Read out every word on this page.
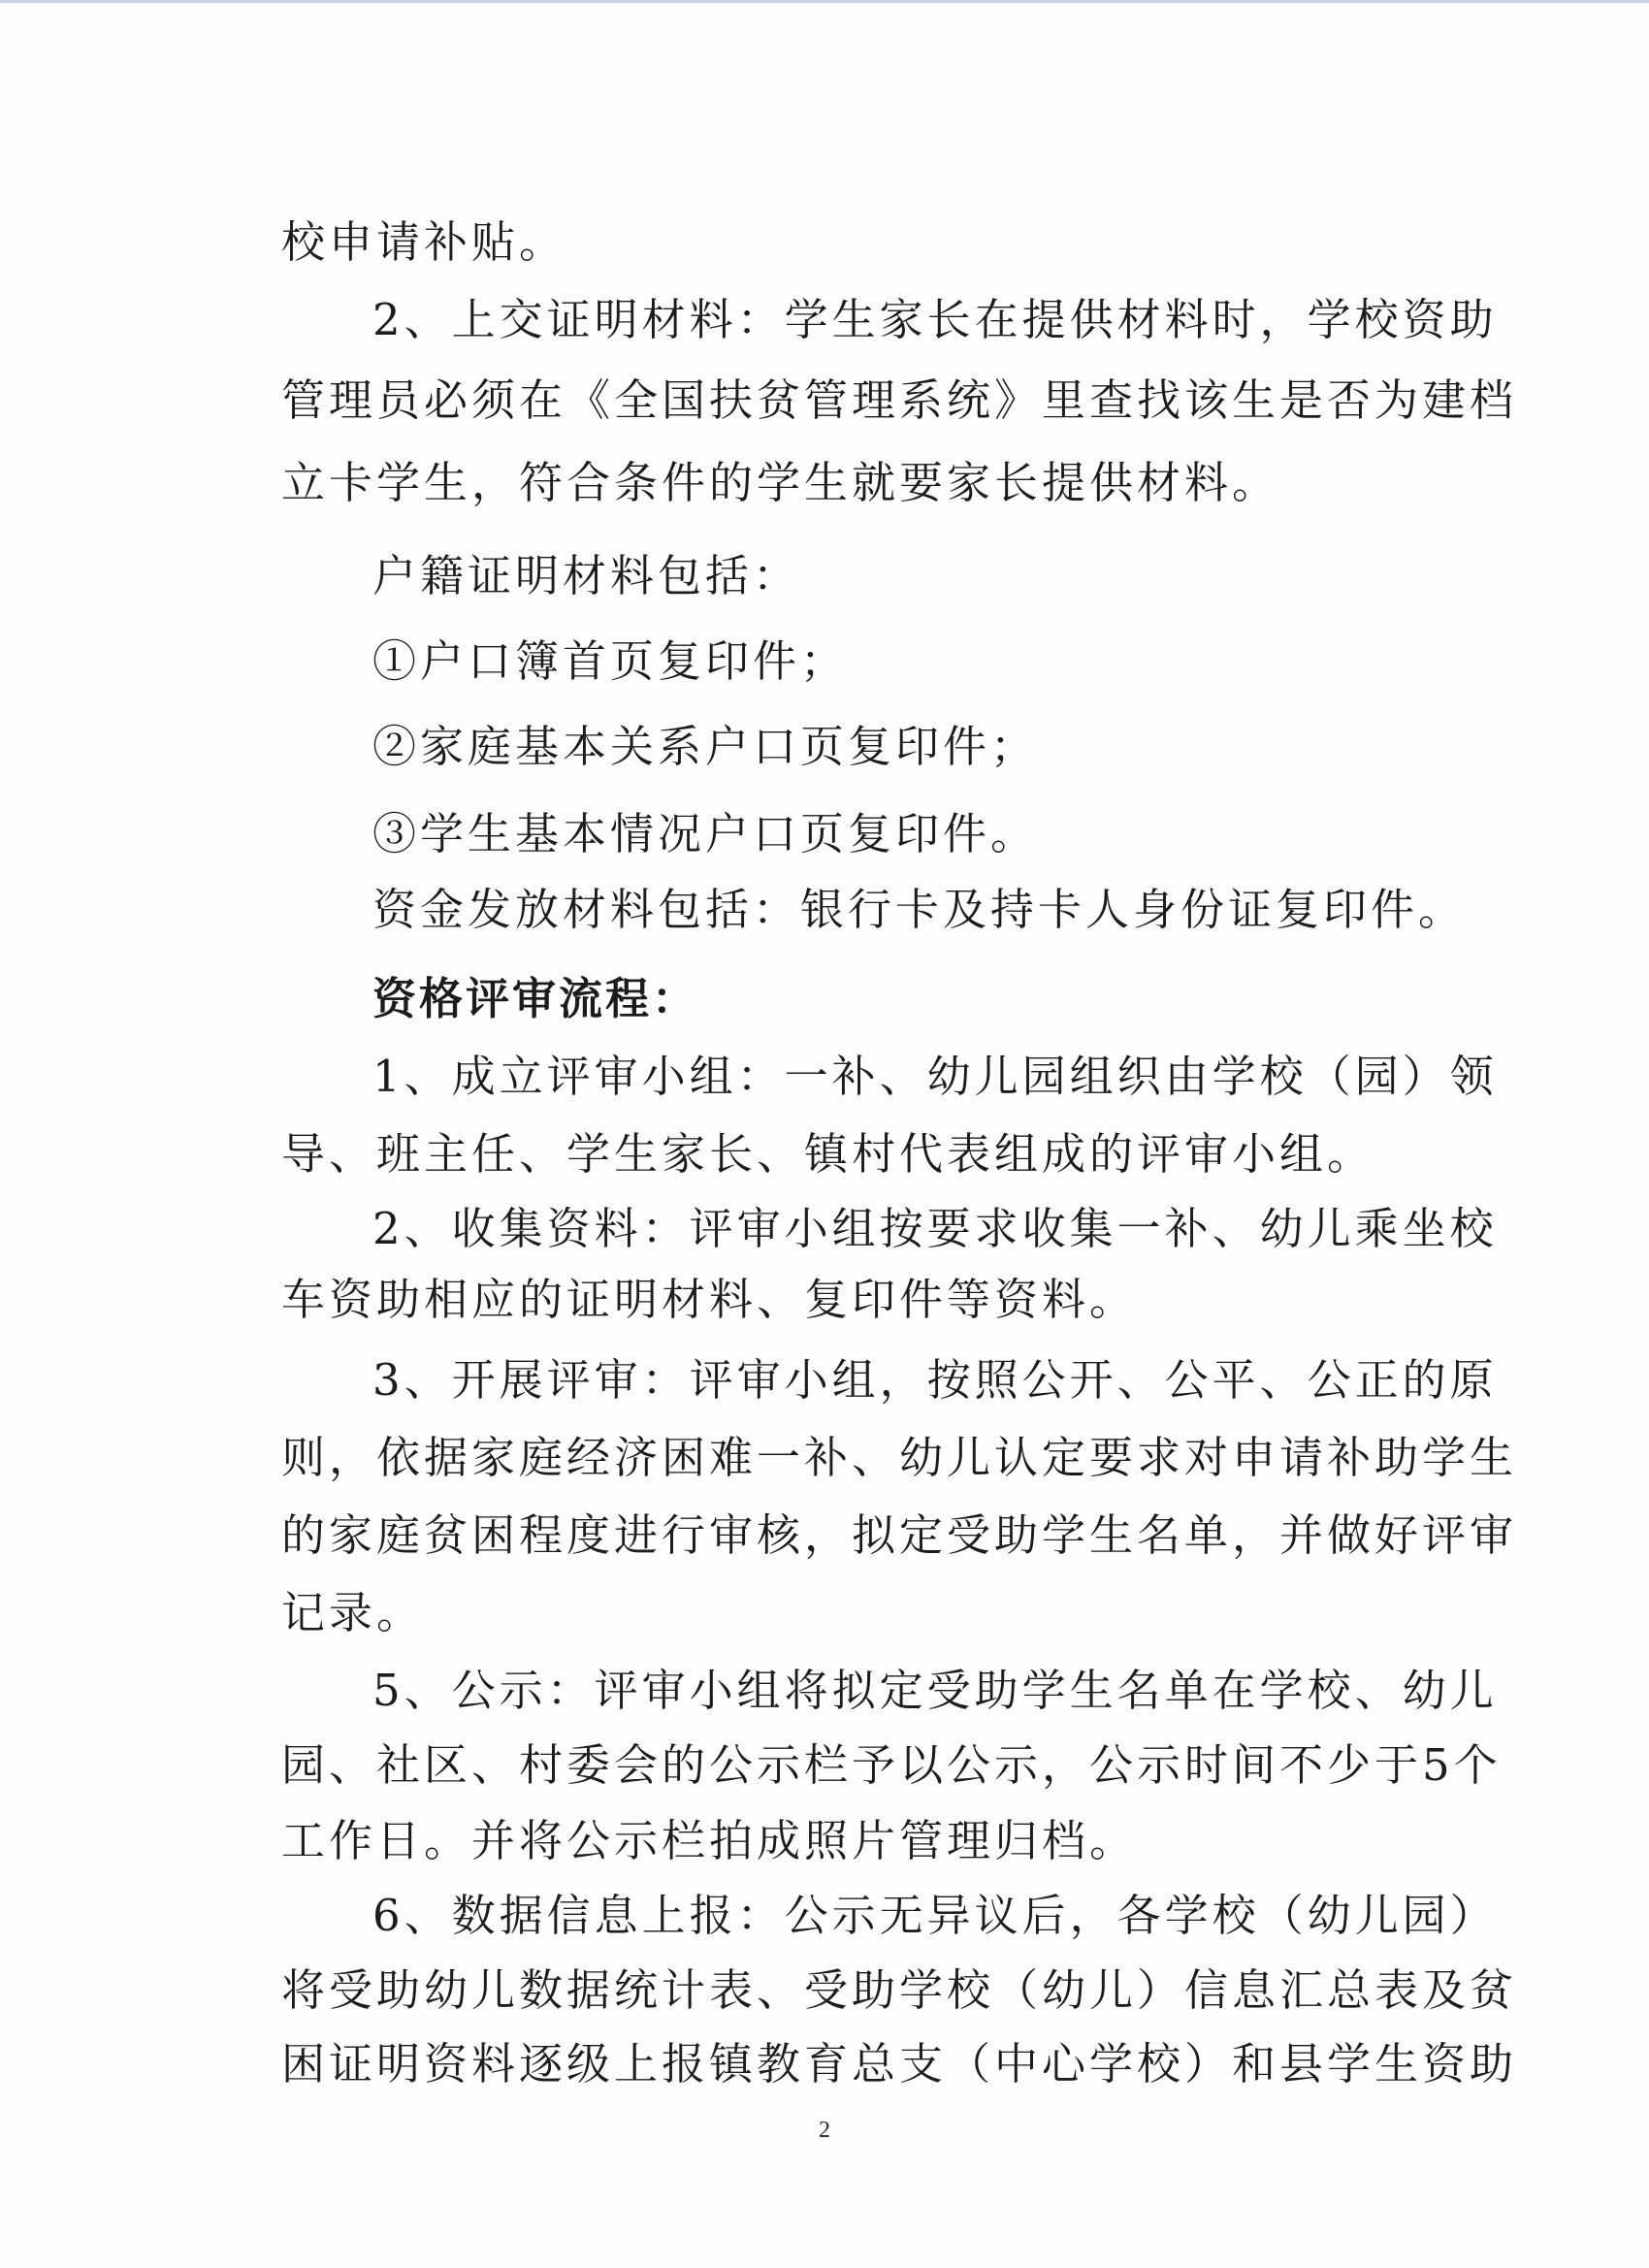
校申请补贴。
2、上交证明材料：学生家长在提供材料时，学校资助
管理员必须在《全国扶贫管理系统》里查找该生是否为建档
立卡学生，符合条件的学生就要家长提供材料。
户籍证明材料包括：
①户口簿首页复印件；
②家庭基本关系户口页复印件；
③学生基本情况户口页复印件。
资金发放材料包括：银行卡及持卡人身份证复印件。
资格评审流程：
1、成立评审小组：一补、幼儿园组织由学校（园）领
导、班主任、学生家长、镇村代表组成的评审小组。
2、收集资料：评审小组按要求收集一补、幼儿乘坐校
车资助相应的证明材料、复印件等资料。
3、开展评审：评审小组，按照公开、公平、公正的原
则，依据家庭经济困难一补、幼儿认定要求对申请补助学生
的家庭贫困程度进行审核，拟定受助学生名单，并做好评审
记录。
5、公示：评审小组将拟定受助学生名单在学校、幼儿
园、社区、村委会的公示栏予以公示，公示时间不少于5个
工作日。并将公示栏拍成照片管理归档。
6、数据信息上报：公示无异议后，各学校（幼儿园）
将受助幼儿数据统计表、受助学校（幼儿）信息汇总表及贫
困证明资料逐级上报镇教育总支（中心学校）和县学生资助
2
